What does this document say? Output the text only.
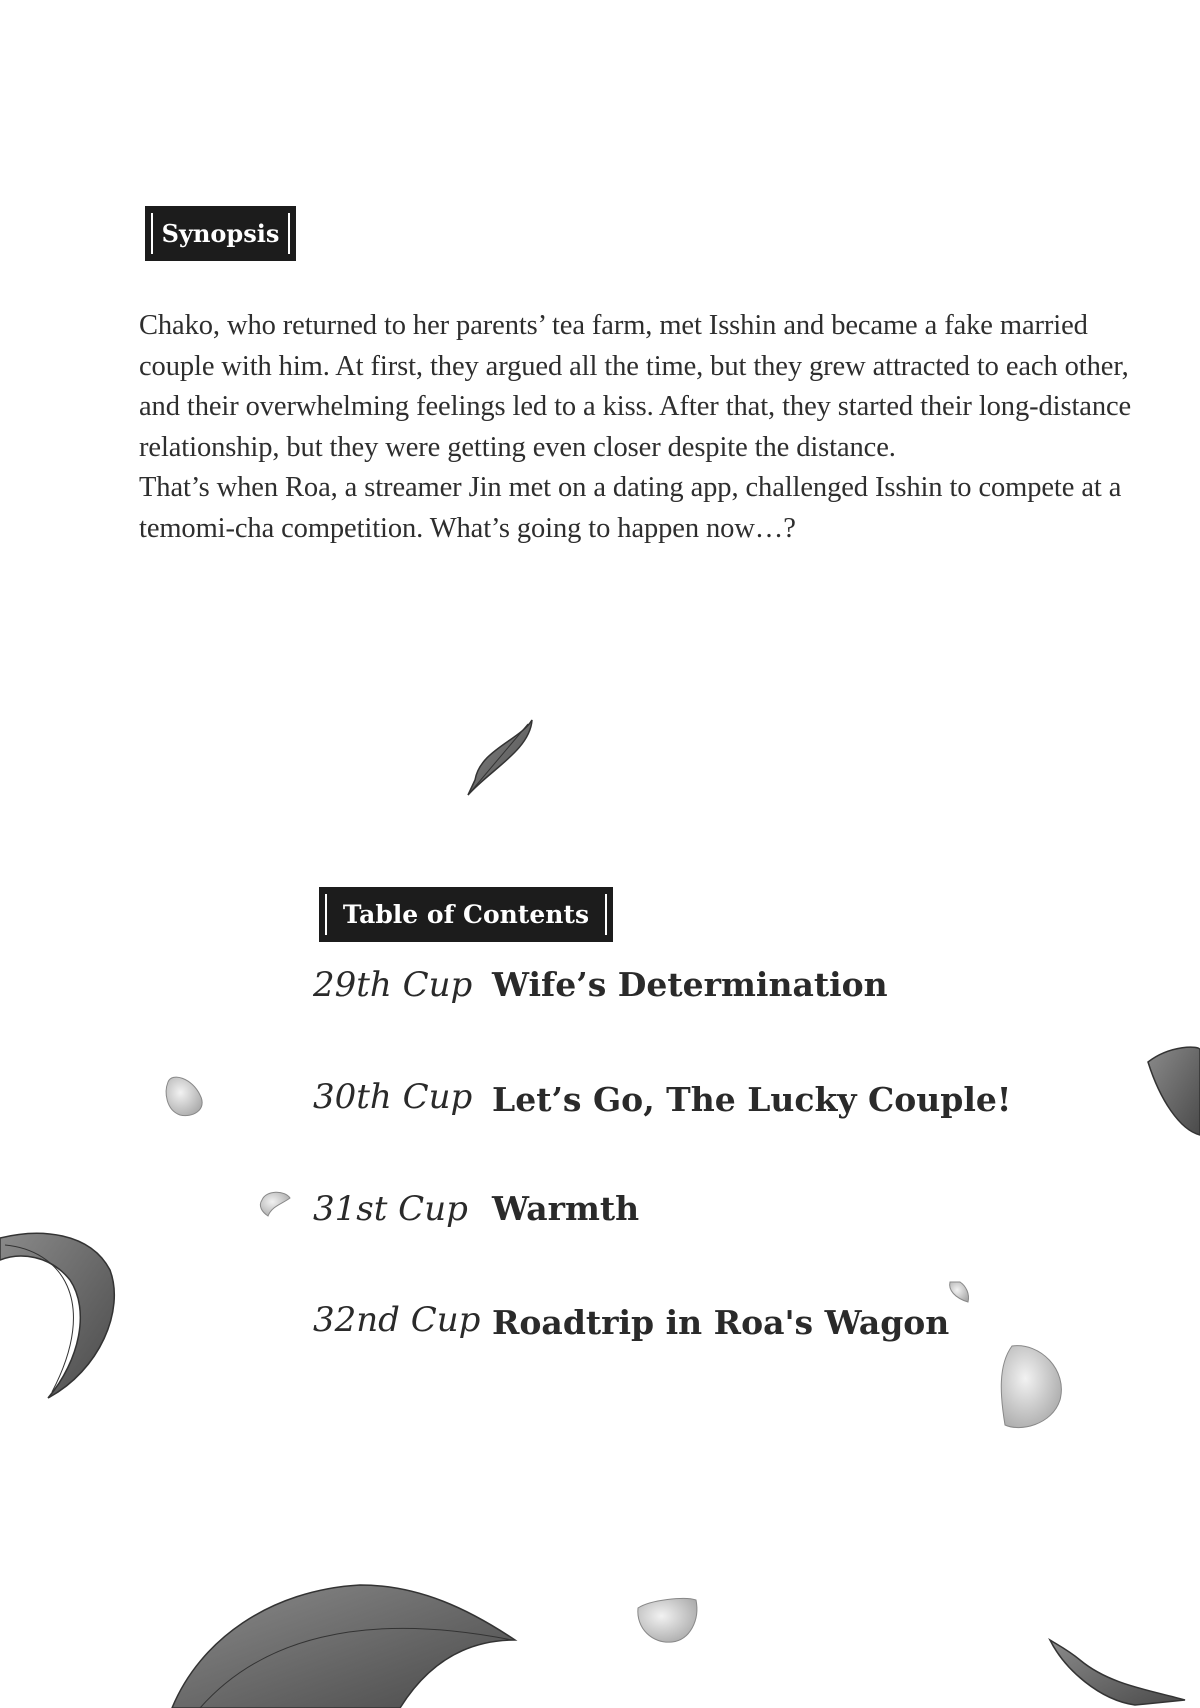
Synopsis

Chako, who returned to her parents’ tea farm, met Isshin and became a fake married couple with him. At first, they argued all the time, but they grew attracted to each other, and their overwhelming feelings led to a kiss. After that, they started their long-distance relationship, but they were getting even closer despite the distance.

That’s when Roa, a streamer Jin met on a dating app, challenged Isshin to compete at a temomi-cha competition. What’s going to happen now…?

Table of Contents
29th Cup Wife’s Determination
30th Cup Let’s Go, The Lucky Couple!
31st Cup Warmth
32nd Cup Roadtrip in Roa's Wagon
